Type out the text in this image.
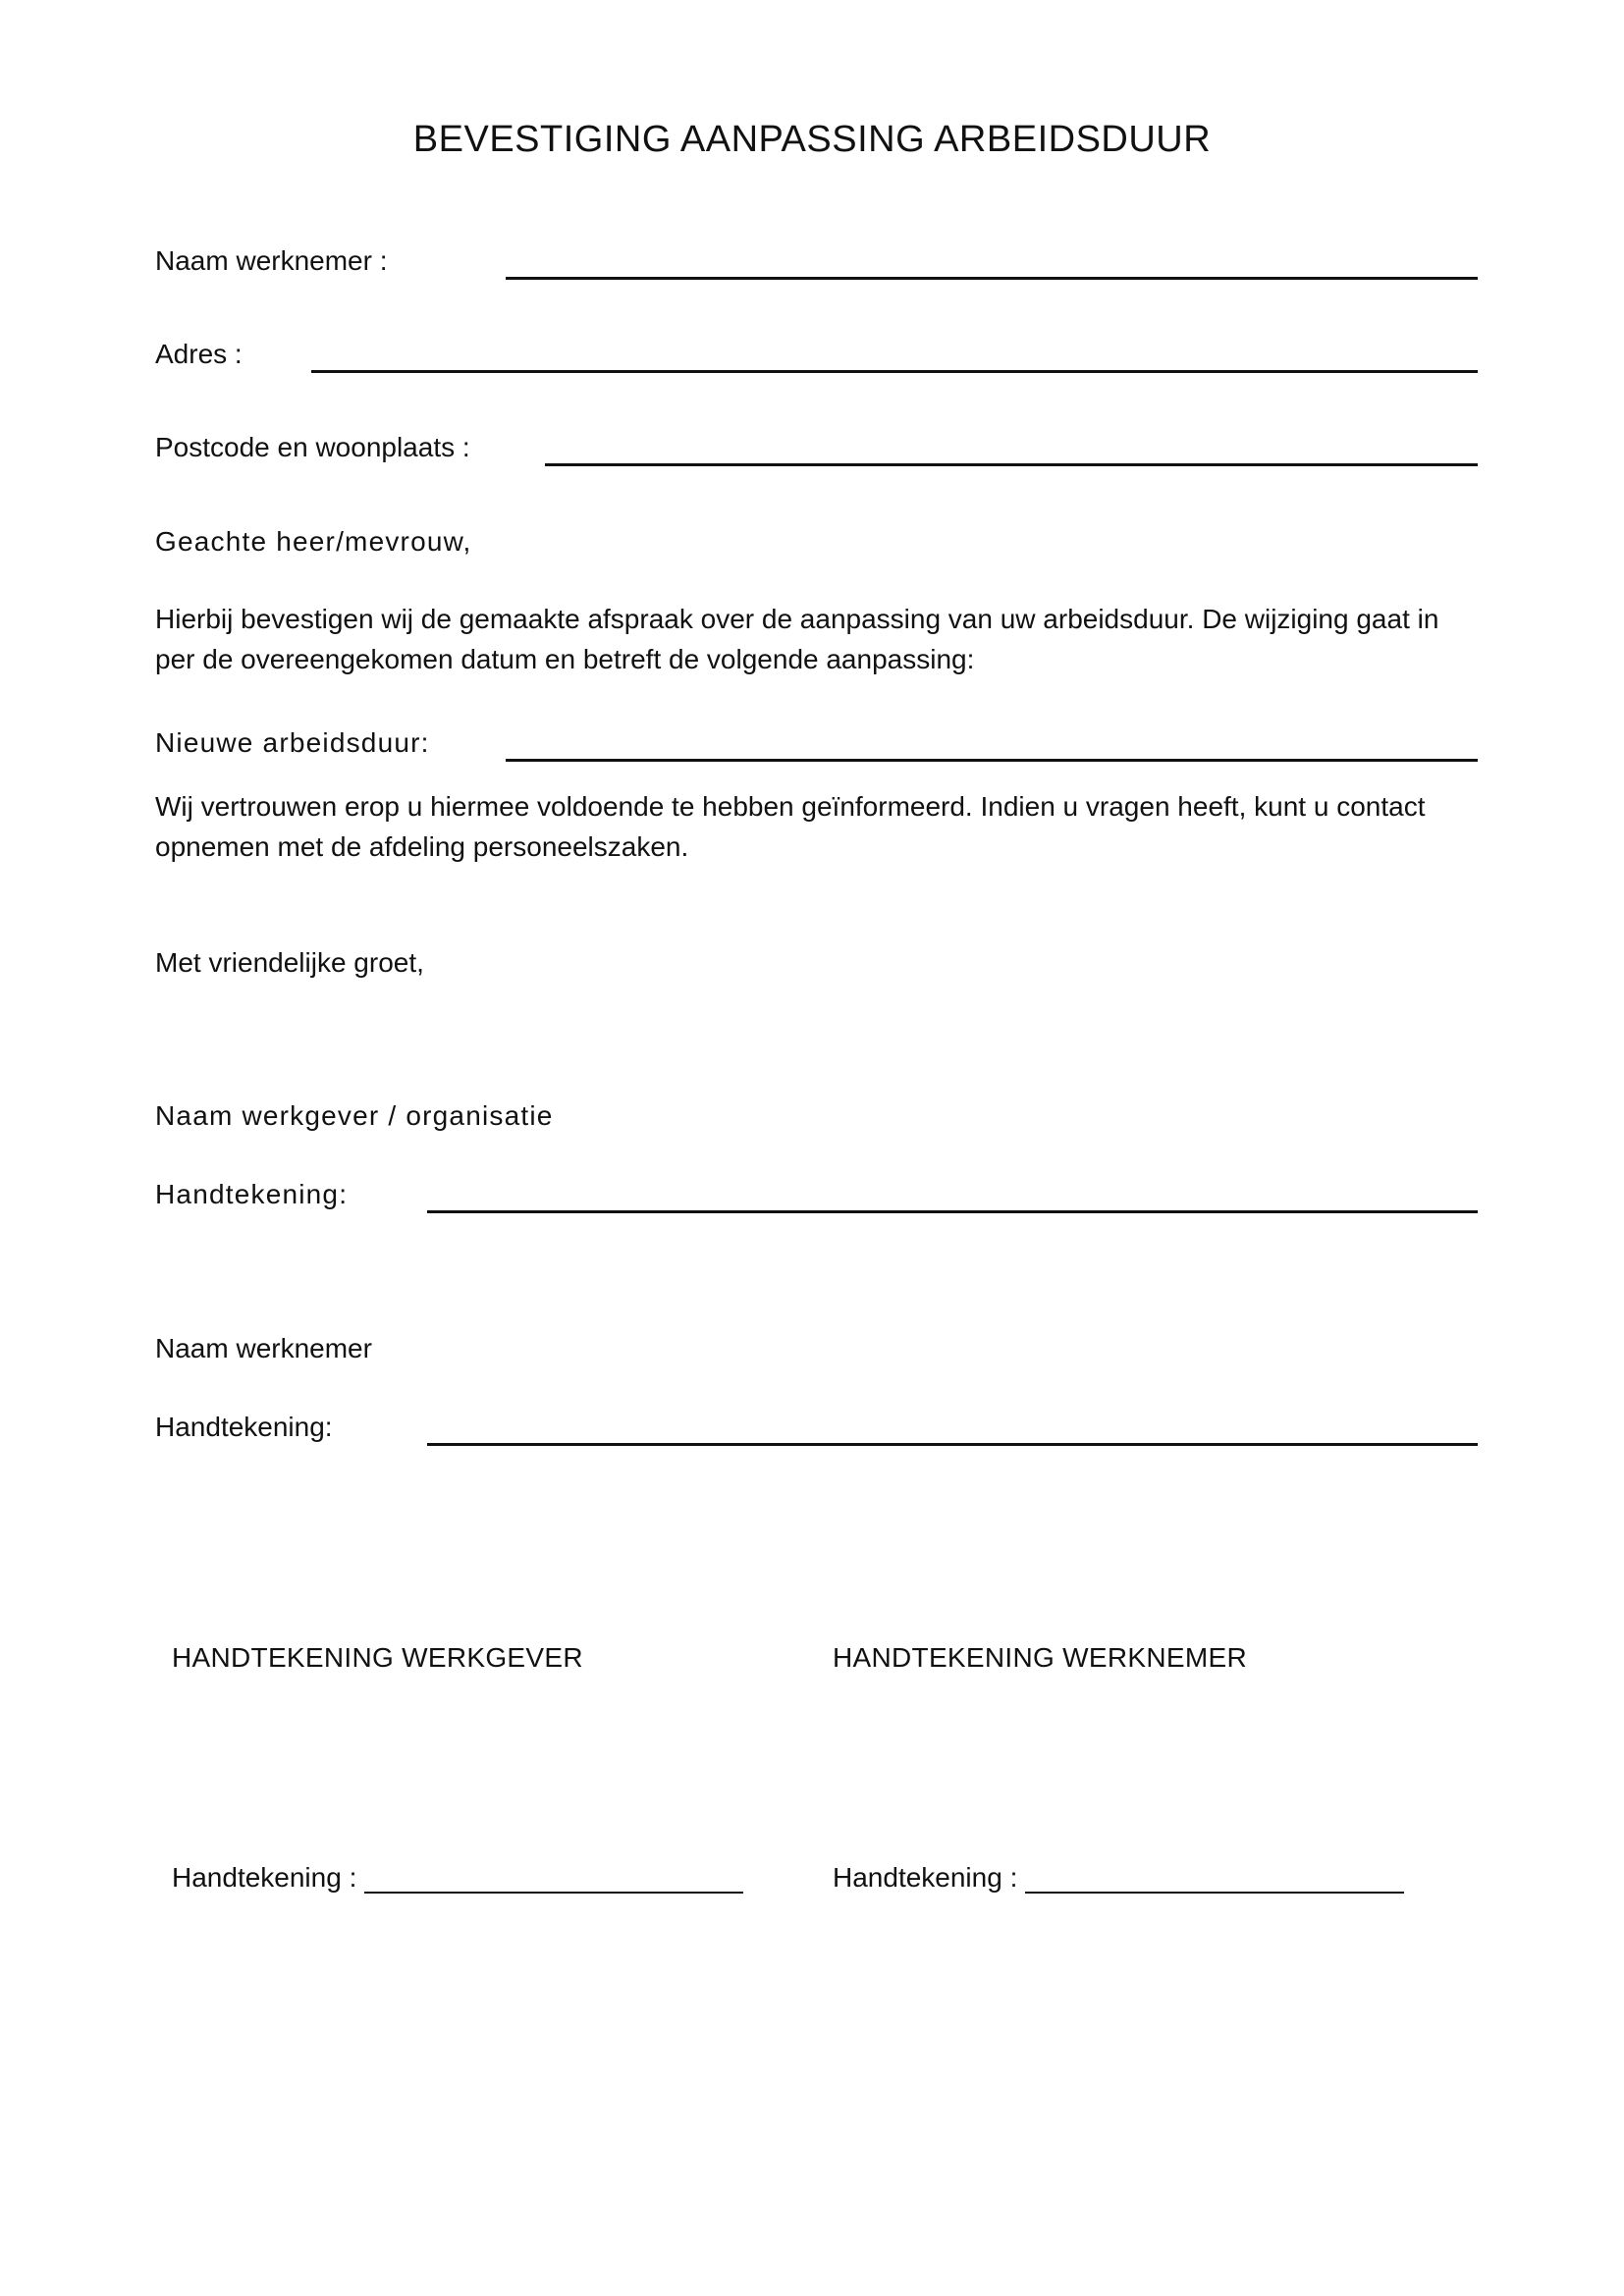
BEVESTIGING AANPASSING ARBEIDSDUUR
Naam werknemer :
Adres :
Postcode en woonplaats :
Geachte heer/mevrouw,
Hierbij bevestigen wij de gemaakte afspraak over de aanpassing van uw arbeidsduur. De wijziging gaat in
per de overeengekomen datum en betreft de volgende aanpassing:
Nieuwe arbeidsduur:
Wij vertrouwen erop u hiermee voldoende te hebben geïnformeerd. Indien u vragen heeft, kunt u contact
opnemen met de afdeling personeelszaken.
Met vriendelijke groet,
Naam werkgever / organisatie
Handtekening:
Naam werknemer
Handtekening:
HANDTEKENING WERKGEVER	HANDTEKENING WERKNEMER
Handtekening :	Handtekening :
